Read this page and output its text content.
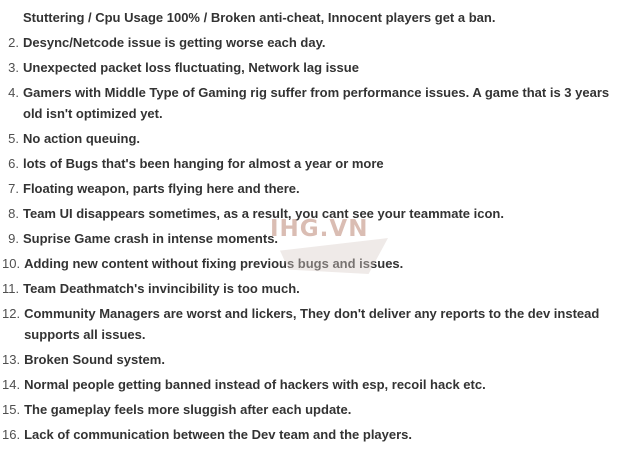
Stuttering / Cpu Usage 100% / Broken anti-cheat, Innocent players get a ban.
2. Desync/Netcode issue is getting worse each day.
3. Unexpected packet loss fluctuating, Network lag issue
4. Gamers with Middle Type of Gaming rig suffer from performance issues. A game that is 3 years old isn't optimized yet.
5. No action queuing.
6. lots of Bugs that's been hanging for almost a year or more
7. Floating weapon, parts flying here and there.
8. Team UI disappears sometimes, as a result, you cant see your teammate icon.
9. Suprise Game crash in intense moments.
10. Adding new content without fixing previous bugs and issues.
11. Team Deathmatch's invincibility is too much.
12. Community Managers are worst and lickers, They don't deliver any reports to the dev instead supports all issues.
13. Broken Sound system.
14. Normal people getting banned instead of hackers with esp, recoil hack etc.
15. The gameplay feels more sluggish after each update.
16. Lack of communication between the Dev team and the players.
IHG.VN
